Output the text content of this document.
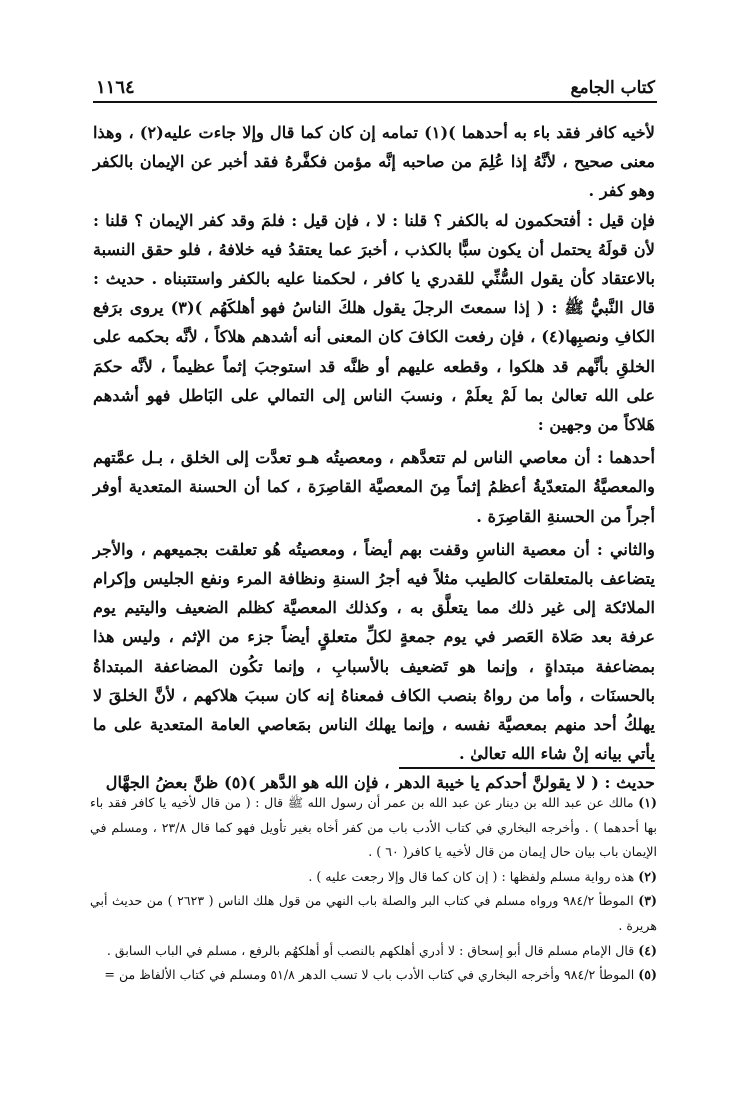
١١٦٤	كتاب الجامع

لأخيه كافر فقد باء به أحدهما )(١) تمامه إن كان كما قال وإلا جاءت عليه(٢) ، وهذا معنى صحيح ، لأنَّهُ إذا عُلِمَ من صاحبه إنَّه مؤمن فكفَّرهُ فقد أخبر عن الإيمان بالكفر وهو كفر .

فإن قيل : أفتحكمون له بالكفر ؟ قلنا : لا ، فإن قيل : فلمَ وقد كفر الإيمان ؟ قلنا : لأن قولَهُ يحتمل أن يكون سبًّا بالكذب ، أخبرَ عما يعتقدُ فيه خلافهُ ، فلو حقق النسبة بالاعتقاد كأن يقول السُّنِّي للقدري يا كافر ، لحكمنا عليه بالكفر واستتبناه . حديث : قال النَّبيُّ ﷺ : ( إذا سمعتَ الرجلَ يقول هلكَ الناسُ فهو أهلكَهُم )(٣) يروى برَفع الكافِ ونصبِها(٤) ، فإن رفعت الكافَ كان المعنى أنه أشدهم هلاكاً ، لأنَّه بحكمه على الخلقِ بأنَّهم قد هلكوا ، وقطعه عليهم أو ظنَّه قد استوجبَ إثماً عظيماً ، لأنَّه حكمَ على الله تعالىٰ بما لَمْ يعلَمْ ، ونسبَ الناس إلى التمالي على البَاطل فهو أشدهم هَلاكاً من وجهين :

أحدهما : أن معاصي الناس لم تتعدَّهم ، ومعصيتُه هـو تعدَّت إلى الخلق ، بـل عمَّتهم والمعصيَّةُ المتعدّيةُ أعظمُ إثماً مِنَ المعصيَّة القاصِرَة ، كما أن الحسنة المتعدية أوفر أجراً من الحسنةِ القاصِرَة .

والثاني : أن معصية الناسِ وقفت بهم أيضاً ، ومعصيتُه هُو تعلقت بجميعهم ، والأجر يتضاعف بالمتعلقات كالطيب مثلاً فيه أجرُ السنةِ ونظافة المرء ونفع الجليس وإكرام الملائكة إلى غير ذلك مما يتعلَّق به ، وكذلك المعصيَّة كظلم الضعيف واليتيم يوم عرفة بعد صَلاة العَصر في يوم جمعةٍ لكلِّ متعلقٍ أيضاً جزء من الإثم ، وليس هذا بمضاعفة مبتداةٍ ، وإنما هو تَضعيف بالأسبابِ ، وإنما تكُون المضاعفة المبتداةُ بالحسنَات ، وأما من رواهُ بنصب الكاف فمعناهُ إنه كان سببَ هلاكهم ، لأنَّ الخلقَ لا يهلكُ أحد منهم بمعصيَّة نفسه ، وإنما يهلك الناس بمَعاصي العامة المتعدية على ما يأتي بيانه إنْ شاء الله تعالىٰ .

حديث : ( لا يقولنَّ أحدكم يا خيبة الدهر ، فإن الله هو الدَّهر )(٥) ظنَّ بعضُ الجهَّال

(١) مالك عن عبد الله بن دينار عن عبد الله بن عمر أن رسول الله ﷺ قال : ( من قال لأخيه يا كافر فقد باء بها أحدهما ) . وأخرجه البخاري في كتاب الأدب باب من كفر أخاه بغير تأويل فهو كما قال ٢٣/٨ ، ومسلم في الإيمان باب بيان حال إيمان من قال لأخيه يا كافر( ٦٠ ) .

(٢) هذه رواية مسلم ولفظها : ( إن كان كما قال وإلا رجعت عليه ) .

(٣) الموطأ ٩٨٤/٢ ورواه مسلم في كتاب البر والصلة باب النهي من قول هلك الناس ( ٢٦٢٣ ) من حديث أبي هريرة .

(٤) قال الإمام مسلم قال أبو إسحاق : لا أدري أهلكهم بالنصب أو أهلكهُم بالرفع ، مسلم في الباب السابق .

(٥) الموطأ ٩٨٤/٢ وأخرجه البخاري في كتاب الأدب باب لا تسب الدهر ٥١/٨ ومسلم في كتاب الألفاظ من =
